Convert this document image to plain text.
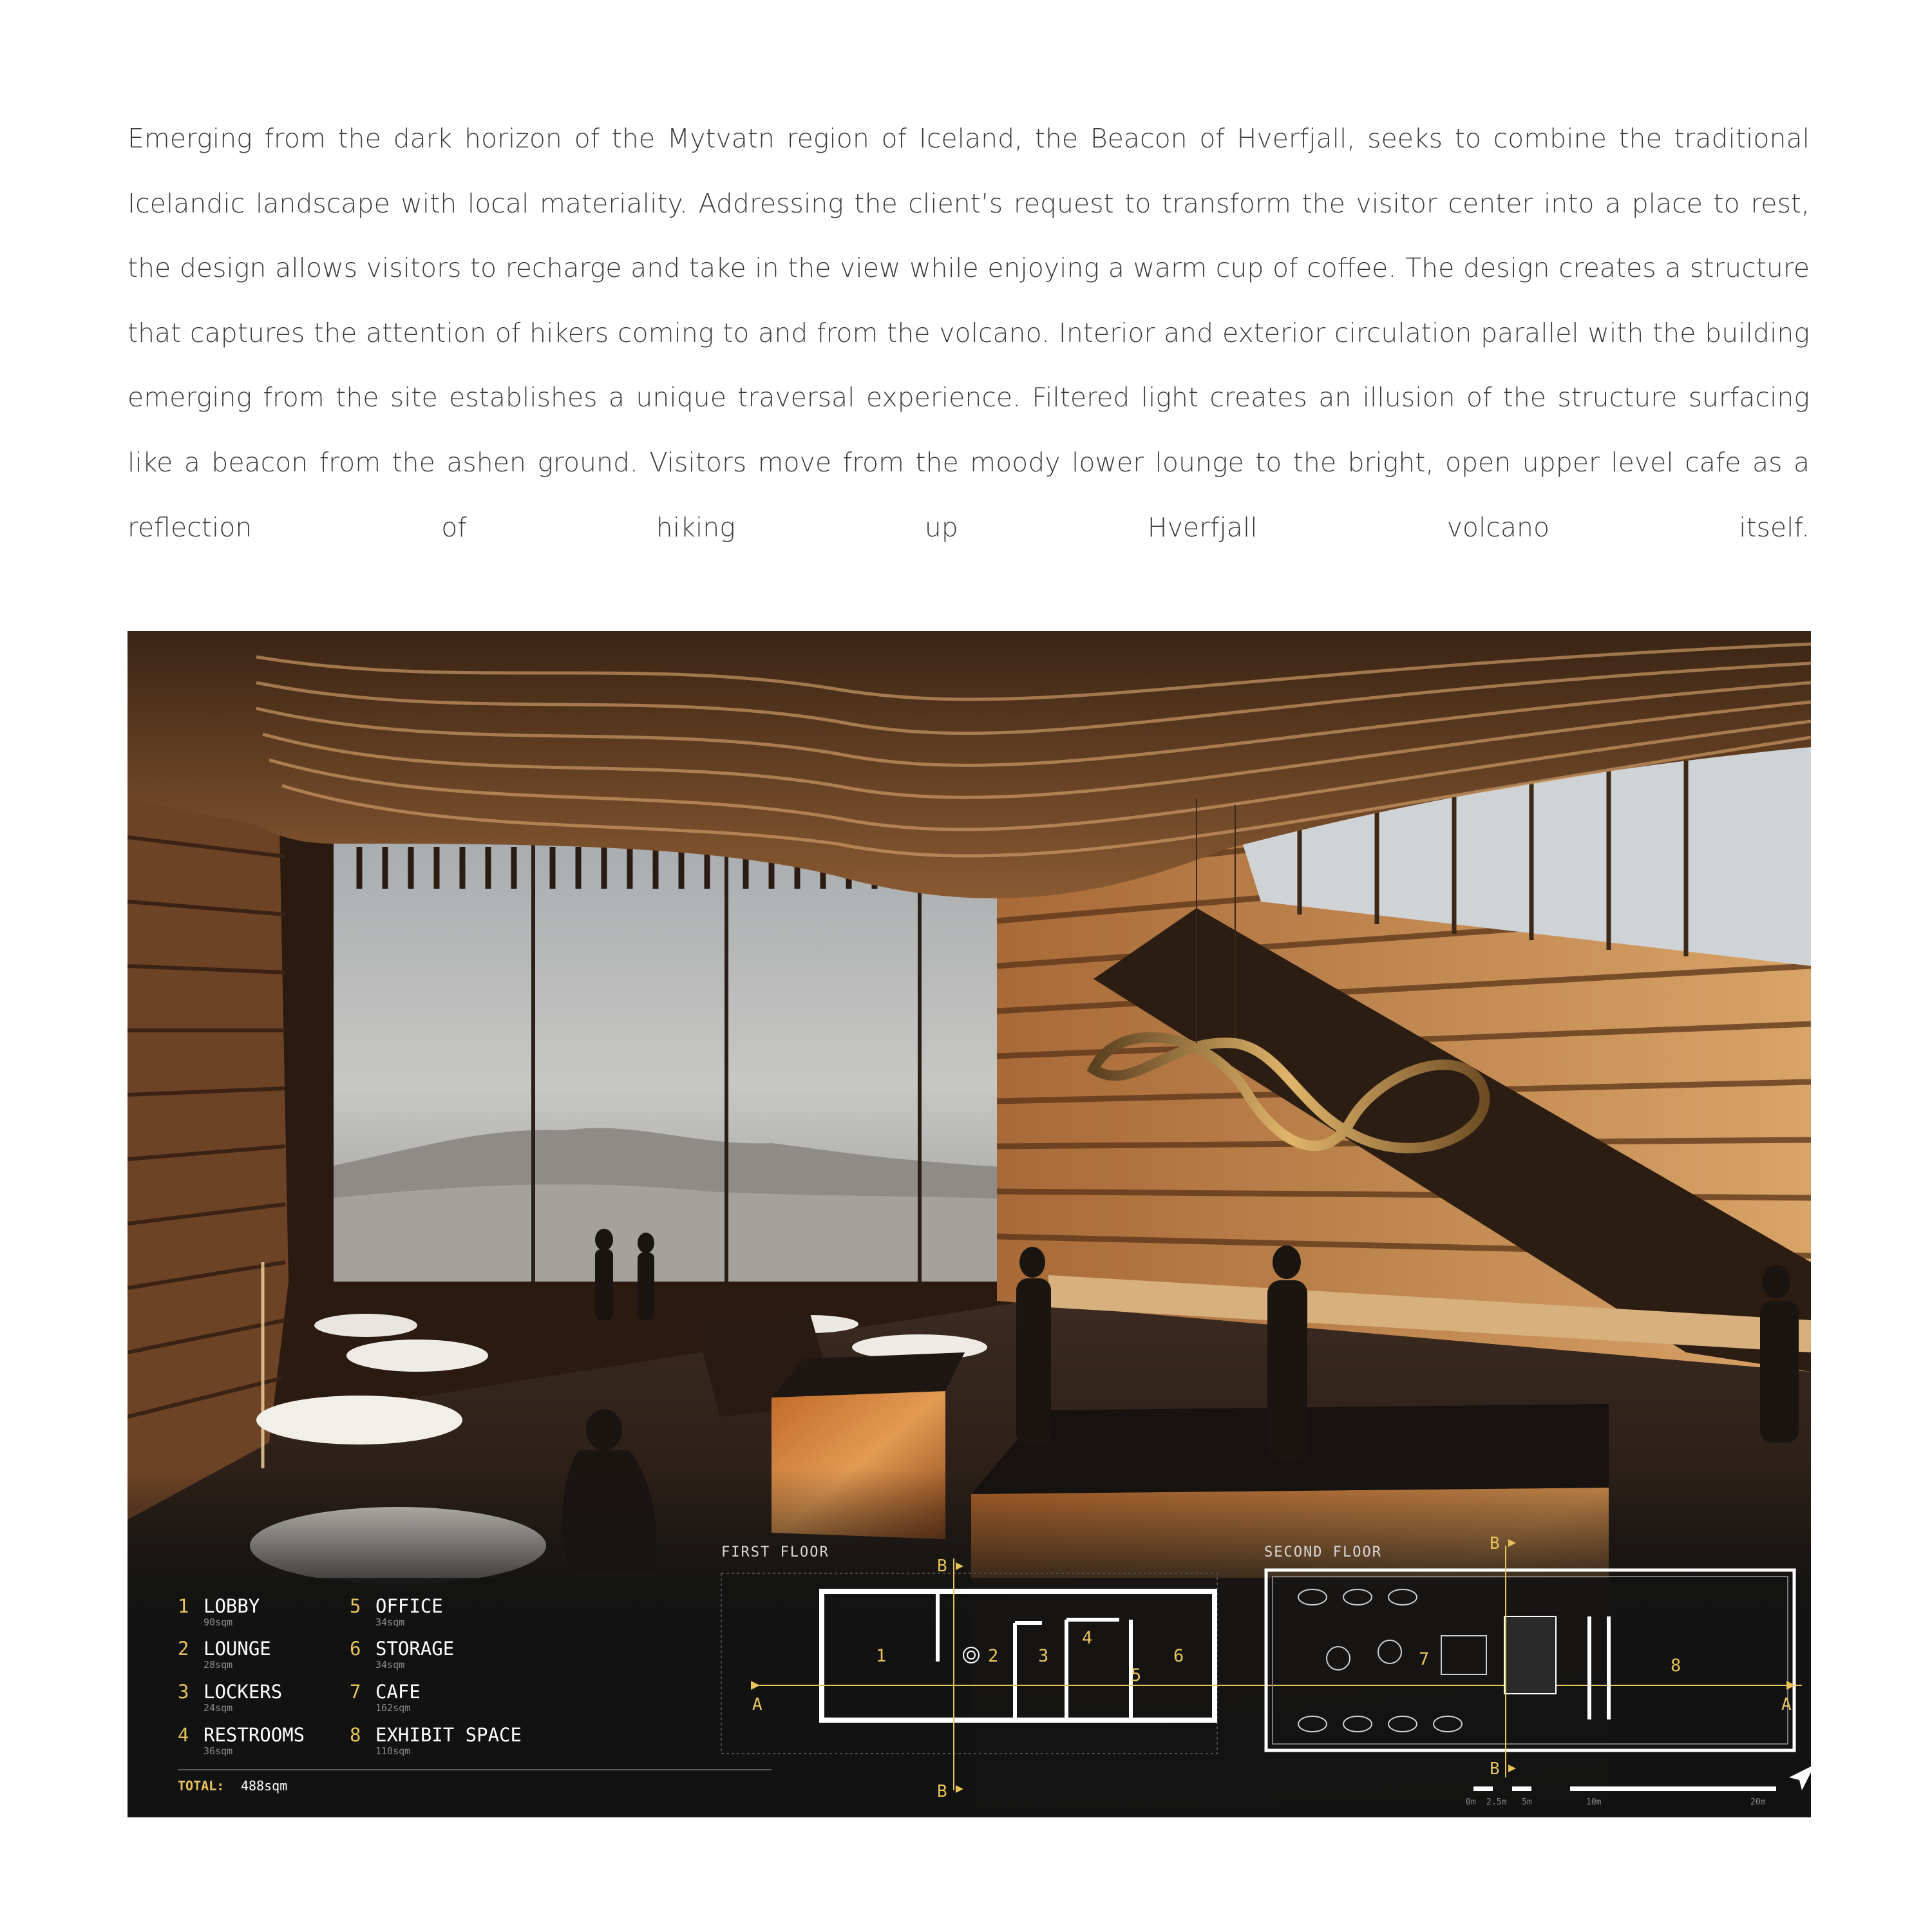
Emerging from the dark horizon of the Mytvatn region of Iceland, the Beacon of Hverfjall, seeks to combine the traditional Icelandic landscape with local materiality. Addressing the client’s request to transform the visitor center into a place to rest, the design allows visitors to recharge and take in the view while enjoying a warm cup of coffee. The design creates a structure that captures the attention of hikers coming to and from the volcano. Interior and exterior circulation parallel with the building emerging from the site establishes a unique traversal experience. Filtered light creates an illusion of the structure surfacing like a beacon from the ashen ground. Visitors move from the moody lower lounge to the bright, open upper level cafe as a reflection of hiking up Hverfjall volcano itself.

1 LOBBY
90sqm
2 LOUNGE
28sqm
3 LOCKERS
24sqm
4 RESTROOMS
36sqm
5 OFFICE
34sqm
6 STORAGE
34sqm
7 CAFE
162sqm
8 EXHIBIT SPACE
110sqm
TOTAL: 488sqm
FIRST FLOOR
1	2 3
4
5
6
A
B
B
SECOND FLOOR
7	8
B
B
A
0m 2.5m 5m	10m	20m
